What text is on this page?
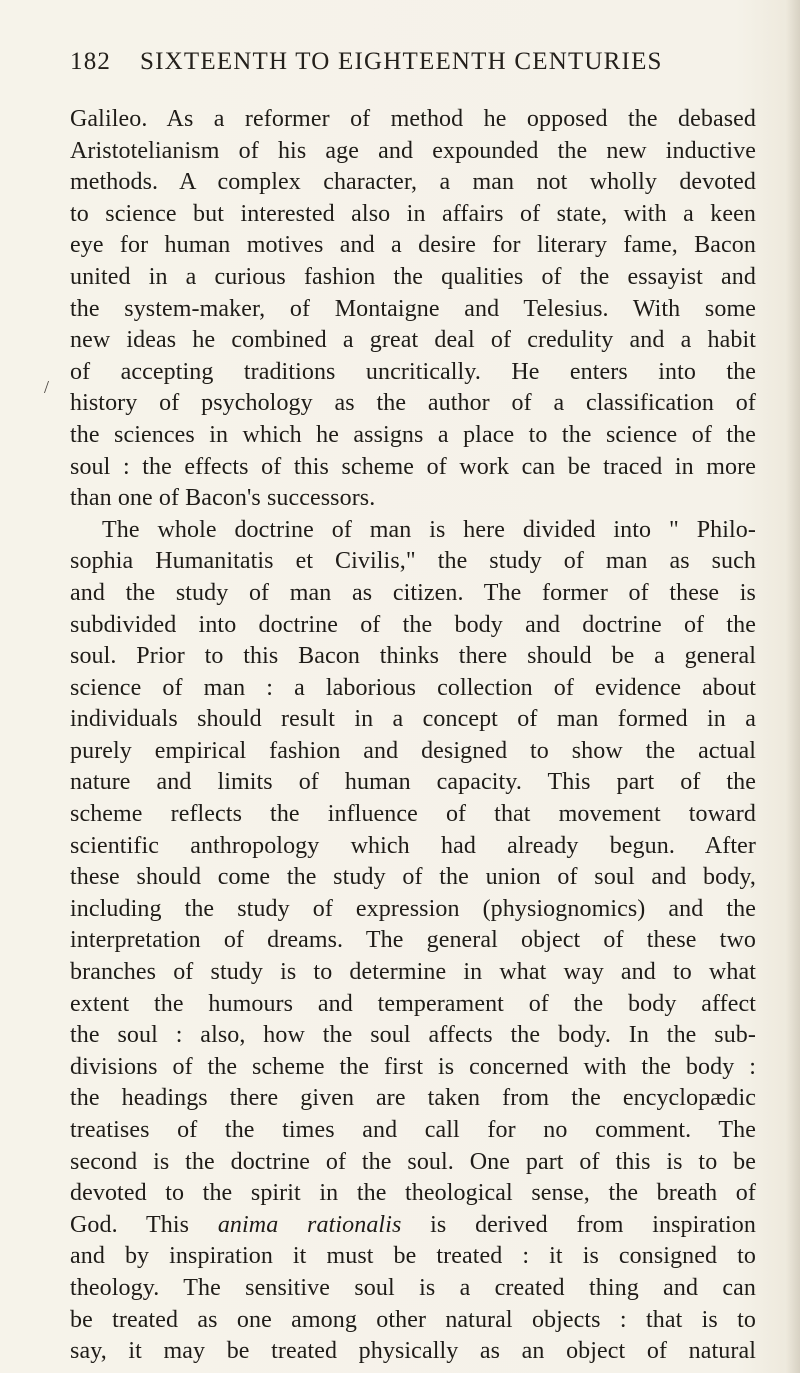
182	SIXTEENTH TO EIGHTEENTH CENTURIES
/
Galileo. As a reformer of method he opposed the debased
Aristotelianism of his age and expounded the new inductive
methods. A complex character, a man not wholly devoted
to science but interested also in affairs of state, with a keen
eye for human motives and a desire for literary fame, Bacon
united in a curious fashion the qualities of the essayist and
the system-maker, of Montaigne and Telesius. With some
new ideas he combined a great deal of credulity and a habit
of accepting traditions uncritically. He enters into the
history of psychology as the author of a classification of
the sciences in which he assigns a place to the science of the
soul : the effects of this scheme of work can be traced in more
than one of Bacon's successors.
The whole doctrine of man is here divided into " Philo-
sophia Humanitatis et Civilis," the study of man as such
and the study of man as citizen. The former of these is
subdivided into doctrine of the body and doctrine of the
soul. Prior to this Bacon thinks there should be a general
science of man : a laborious collection of evidence about
individuals should result in a concept of man formed in a
purely empirical fashion and designed to show the actual
nature and limits of human capacity. This part of the
scheme reflects the influence of that movement toward
scientific anthropology which had already begun. After
these should come the study of the union of soul and body,
including the study of expression (physiognomics) and the
interpretation of dreams. The general object of these two
branches of study is to determine in what way and to what
extent the humours and temperament of the body affect
the soul : also, how the soul affects the body. In the sub-
divisions of the scheme the first is concerned with the body :
the headings there given are taken from the encyclopædic
treatises of the times and call for no comment. The
second is the doctrine of the soul. One part of this is to be
devoted to the spirit in the theological sense, the breath of
God. This anima rationalis is derived from inspiration
and by inspiration it must be treated : it is consigned to
theology. The sensitive soul is a created thing and can
be treated as one among other natural objects : that is to
say, it may be treated physically as an object of natural
